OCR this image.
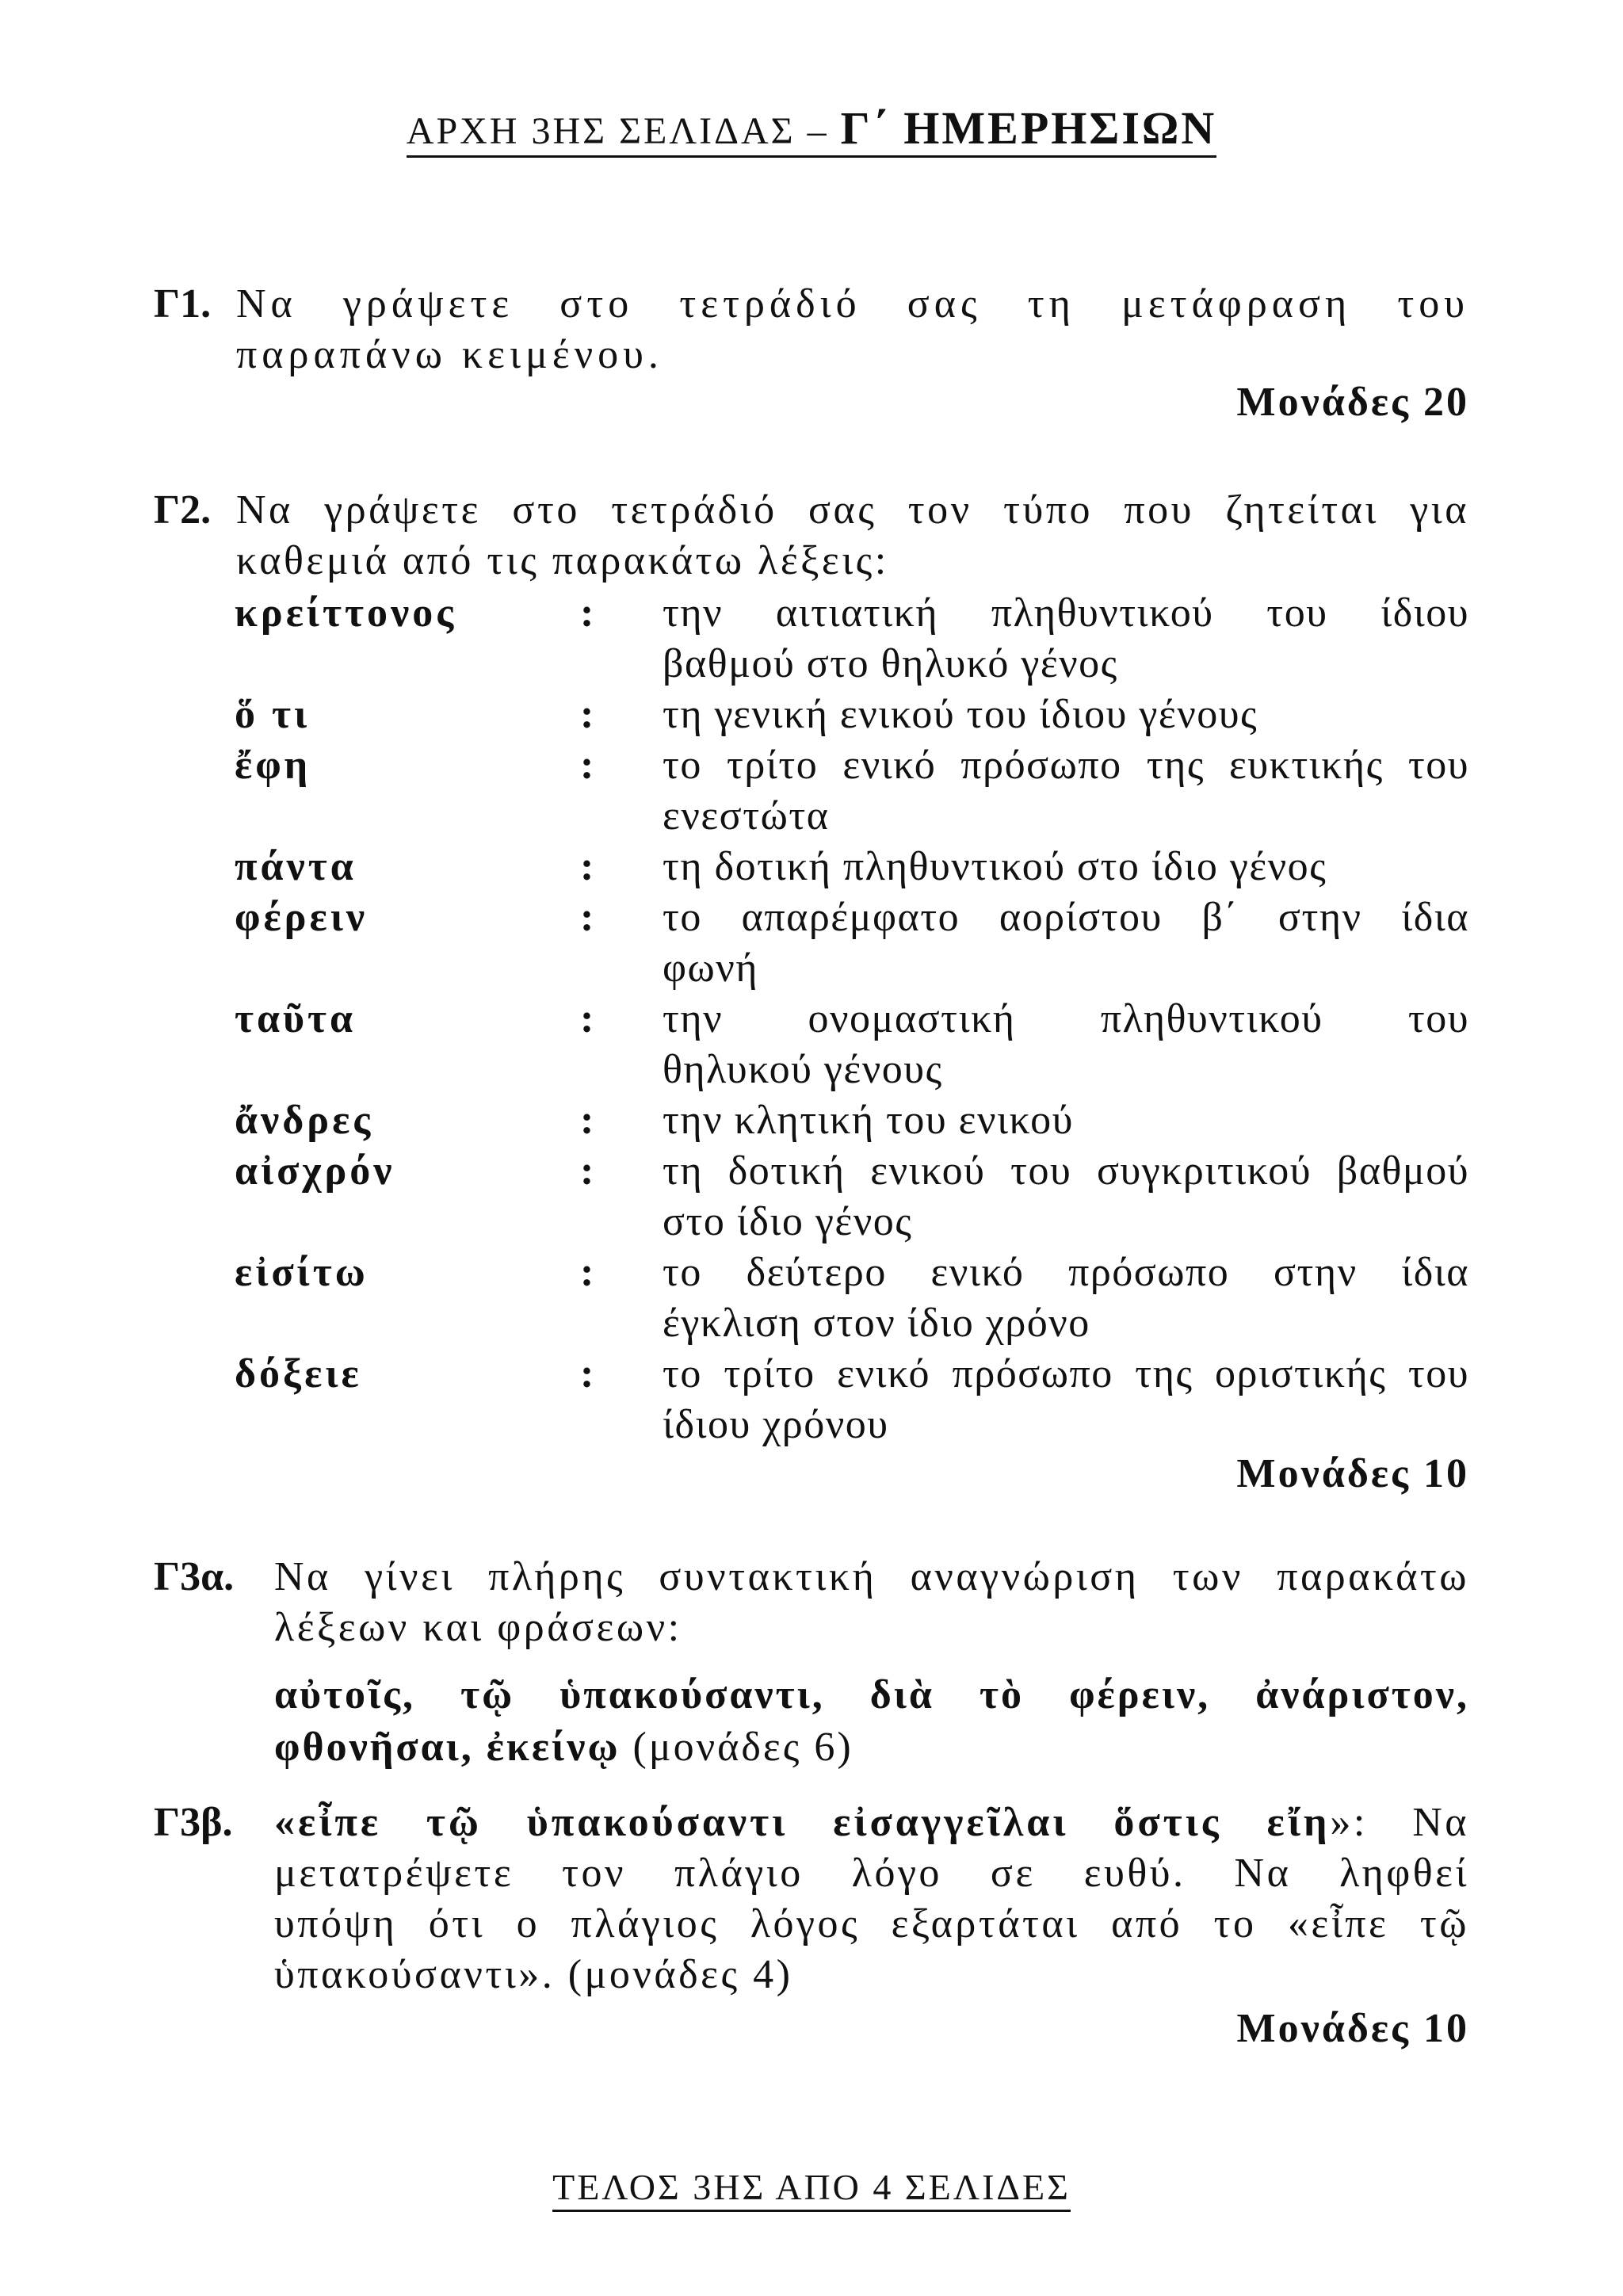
ΑΡΧΗ 3ΗΣ ΣΕΛΙΔΑΣ – Γ΄ ΗΜΕΡΗΣΙΩΝ
Γ1. Να γράψετε στο τετράδιό σας τη μετάφραση του
παραπάνω κειμένου.
Μονάδες 20
Γ2. Να γράψετε στο τετράδιό σας τον τύπο που ζητείται για
καθεμιά από τις παρακάτω λέξεις:
κρείττονος	: την αιτιατική πληθυντικού του ίδιου
βαθμού στο θηλυκό γένος
ὅ τι	: τη γενική ενικού του ίδιου γένους
ἔφη	: το τρίτο ενικό πρόσωπο της ευκτικής του
ενεστώτα
πάντα	: τη δοτική πληθυντικού στο ίδιο γένος
φέρειν	: το απαρέμφατο αορίστου β΄ στην ίδια
φωνή
ταῦτα	: την ονομαστική πληθυντικού του
θηλυκού γένους
ἄνδρες	: την κλητική του ενικού
αἰσχρόν	: τη δοτική ενικού του συγκριτικού βαθμού
στο ίδιο γένος
εἰσίτω	: το δεύτερο ενικό πρόσωπο στην ίδια
έγκλιση στον ίδιο χρόνο
δόξειε	: το τρίτο ενικό πρόσωπο της οριστικής του
ίδιου χρόνου
Μονάδες 10
Γ3α. Να γίνει πλήρης συντακτική αναγνώριση των παρακάτω
λέξεων και φράσεων:
αὐτοῖς, τῷ ὑπακούσαντι, διὰ τὸ φέρειν, ἀνάριστον,
φθονῆσαι, ἐκείνῳ (μονάδες 6)
Γ3β. «εἶπε τῷ ὑπακούσαντι εἰσαγγεῖλαι ὅστις εἴη»: Να
μετατρέψετε τον πλάγιο λόγο σε ευθύ. Να ληφθεί
υπόψη ότι ο πλάγιος λόγος εξαρτάται από το «εἶπε τῷ
ὑπακούσαντι». (μονάδες 4)
Μονάδες 10
ΤΕΛΟΣ 3ΗΣ ΑΠΟ 4 ΣΕΛΙΔΕΣ
